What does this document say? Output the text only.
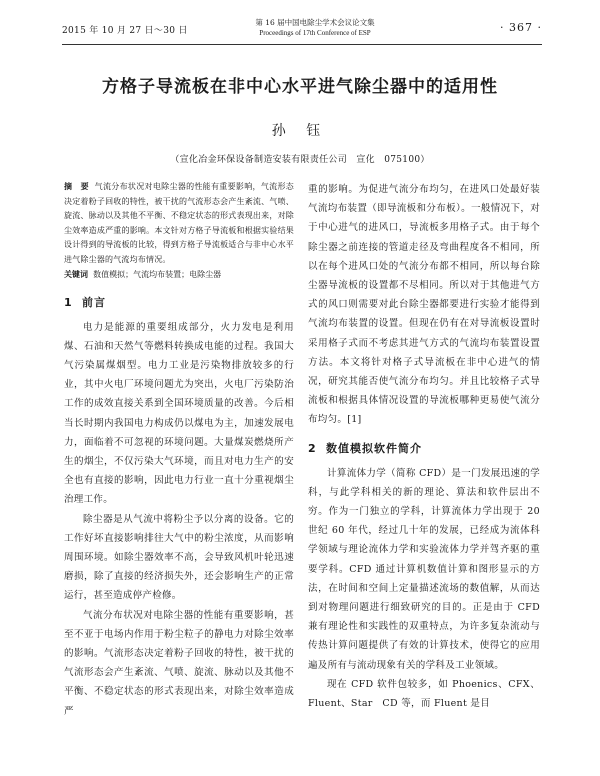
2015 年 10 月 27 日～30 日
第 16 届中国电除尘学术会议论文集
Proceedings of 17th Conference of ESP	· 367 ·
方格子导流板在非中心水平进气除尘器中的适用性
孙 钰
（宣化冶金环保设备制造安装有限责任公司　宣化　075100）
摘　要 气流分布状况对电除尘器的性能有重要影响，气流形态决定着粉子回收的特性，被干扰的气流形态会产生紊流、气喷、旋流、脉动以及其他不平衡、不稳定状态的形式表现出来，对除尘效率造成严重的影响。本文针对方格子导流板和根据实验结果设计得到的导流板的比较，得到方格子导流板适合与非中心水平进气除尘器的气流均布情况。
关键词 数值模拟；气流均布装置；电除尘器
1 前言

电力是能源的重要组成部分，火力发电是利用煤、石油和天然气等燃料转换成电能的过程。我国大气污染属煤烟型。电力工业是污染物排放较多的行业，其中火电厂环境问题尤为突出，火电厂污染防治工作的成效直接关系到全国环境质量的改善。今后相当长时期内我国电力构成仍以煤电为主，加速发展电力，面临着不可忽视的环境问题。大量煤炭燃烧所产生的烟尘，不仅污染大气环境，而且对电力生产的安全也有直接的影响，因此电力行业一直十分重视烟尘治理工作。

除尘器是从气流中将粉尘予以分离的设备。它的工作好坏直接影响排往大气中的粉尘浓度，从而影响周围环境。如除尘器效率不高，会导致风机叶轮迅速磨损，除了直接的经济损失外，还会影响生产的正常运行，甚至造成停产检修。

气流分布状况对电除尘器的性能有重要影响，甚至不亚于电场内作用于粉尘粒子的静电力对除尘效率的影响。气流形态决定着粉子回收的特性，被干扰的气流形态会产生紊流、气喷、旋流、脉动以及其他不平衡、不稳定状态的形式表现出来，对除尘效率造成严

重的影响。为促进气流分布均匀，在进风口处最好装气流均布装置（即导流板和分布板）。一般情况下，对于中心进气的进风口，导流板多用格子式。由于每个除尘器之前连接的管道走径及弯曲程度各不相同，所以在每个进风口处的气流分布都不相同，所以每台除尘器导流板的设置都不尽相同。所以对于其他进气方式的风口则需要对此台除尘器都要进行实验才能得到气流均布装置的设置。但现在仍有在对导流板设置时采用格子式而不考虑其进气方式的气流均布装置设置方法。本文将针对格子式导流板在非中心进气的情况，研究其能否使气流分布均匀。并且比较格子式导流板和根据具体情况设置的导流板哪种更易使气流分布均匀。[1]

2 数值模拟软件简介

计算流体力学（简称 CFD）是一门发展迅速的学科，与此学科相关的新的理论、算法和软件层出不穷。作为一门独立的学科，计算流体力学出现于 20 世纪 60 年代，经过几十年的发展，已经成为流体科学领域与理论流体力学和实验流体力学并驾齐驱的重要学科。CFD 通过计算机数值计算和图形显示的方法，在时间和空间上定量描述流场的数值解，从而达到对物理问题进行细致研究的目的。正是由于 CFD 兼有理论性和实践性的双重特点，为许多复杂流动与传热计算问题提供了有效的计算技术，使得它的应用遍及所有与流动现象有关的学科及工业领域。

现在 CFD 软件包较多，如 Phoenics、CFX、Fluent、Star　CD 等，而 Fluent 是目
